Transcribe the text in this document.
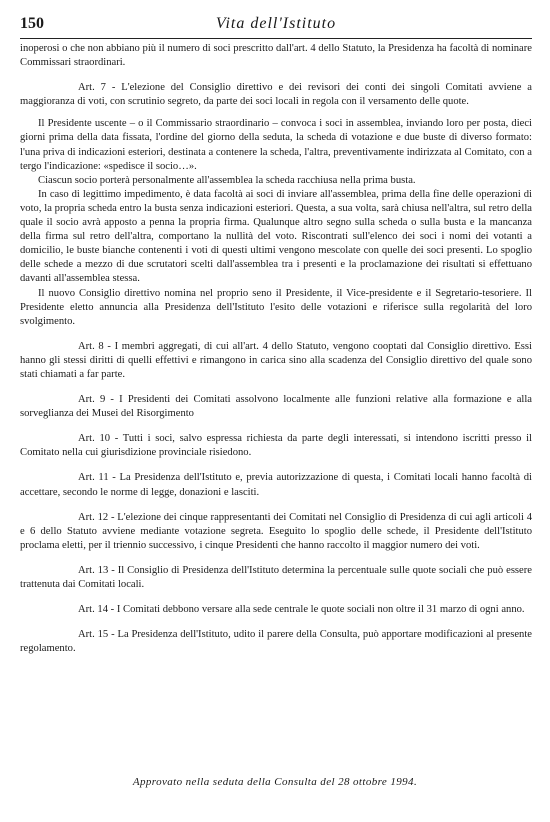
150	Vita dell'Istituto

inoperosi o che non abbiano più il numero di soci prescritto dall'art. 4 dello Statuto, la Presidenza ha facoltà di nominare Commissari straordinari.

Art. 7 - L'elezione del Consiglio direttivo e dei revisori dei conti dei singoli Comitati avviene a maggioranza di voti, con scrutinio segreto, da parte dei soci locali in regola con il versamento delle quote.

Il Presidente uscente – o il Commissario straordinario – convoca i soci in assemblea, inviando loro per posta, dieci giorni prima della data fissata, l'ordine del giorno della seduta, la scheda di votazione e due buste di diverso formato: l'una priva di indicazioni esteriori, destinata a contenere la scheda, l'altra, preventivamente indirizzata al Comitato, con a tergo l'indicazione: «spedisce il socio…».

Ciascun socio porterà personalmente all'assemblea la scheda racchiusa nella prima busta.

In caso di legittimo impedimento, è data facoltà ai soci di inviare all'assemblea, prima della fine delle operazioni di voto, la propria scheda entro la busta senza indicazioni esteriori. Questa, a sua volta, sarà chiusa nell'altra, sul retro della quale il socio avrà apposto a penna la propria firma. Qualunque altro segno sulla scheda o sulla busta e la mancanza della firma sul retro dell'altra, comportano la nullità del voto. Riscontrati sull'elenco dei soci i nomi dei votanti a domicilio, le buste bianche contenenti i voti di questi ultimi vengono mescolate con quelle dei soci presenti. Lo spoglio delle schede a mezzo di due scrutatori scelti dall'assemblea tra i presenti e la proclamazione dei risultati si effettuano davanti all'assemblea stessa.

Il nuovo Consiglio direttivo nomina nel proprio seno il Presidente, il Vice-presidente e il Segretario-tesoriere. Il Presidente eletto annuncia alla Presidenza dell'Istituto l'esito delle votazioni e riferisce sulla regolarità del loro svolgimento.

Art. 8 - I membri aggregati, di cui all'art. 4 dello Statuto, vengono cooptati dal Consiglio direttivo. Essi hanno gli stessi diritti di quelli effettivi e rimangono in carica sino alla scadenza del Consiglio direttivo del quale sono stati chiamati a far parte.

Art. 9 - I Presidenti dei Comitati assolvono localmente alle funzioni relative alla formazione e alla sorveglianza dei Musei del Risorgimento

Art. 10 - Tutti i soci, salvo espressa richiesta da parte degli interessati, si intendono iscritti presso il Comitato nella cui giurisdizione provinciale risiedono.

Art. 11 - La Presidenza dell'Istituto e, previa autorizzazione di questa, i Comitati locali hanno facoltà di accettare, secondo le norme di legge, donazioni e lasciti.

Art. 12 - L'elezione dei cinque rappresentanti dei Comitati nel Consiglio di Presidenza di cui agli articoli 4 e 6 dello Statuto avviene mediante votazione segreta. Eseguito lo spoglio delle schede, il Presidente dell'Istituto proclama eletti, per il triennio successivo, i cinque Presidenti che hanno raccolto il maggior numero dei voti.

Art. 13 - Il Consiglio di Presidenza dell'Istituto determina la percentuale sulle quote sociali che può essere trattenuta dai Comitati locali.

Art. 14 - I Comitati debbono versare alla sede centrale le quote sociali non oltre il 31 marzo di ogni anno.

Art. 15 - La Presidenza dell'Istituto, udito il parere della Consulta, può apportare modificazioni al presente regolamento.

Approvato nella seduta della Consulta del 28 ottobre 1994.
